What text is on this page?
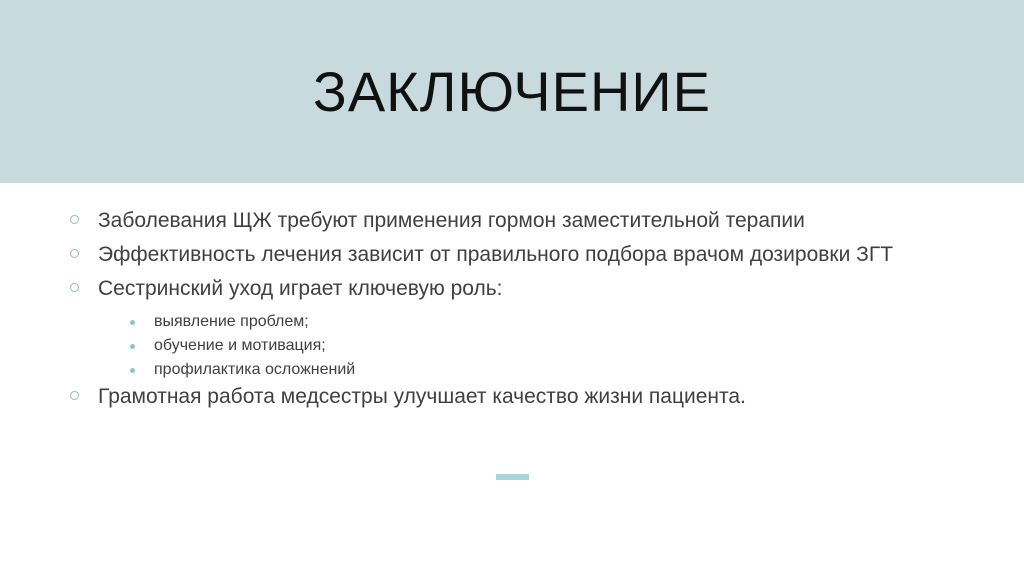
ЗАКЛЮЧЕНИЕ
Заболевания ЩЖ требуют применения гормон заместительной терапии
Эффективность лечения зависит от правильного подбора врачом дозировки ЗГТ
Сестринский уход играет ключевую роль:
выявление проблем;
обучение и мотивация;
профилактика осложнений
Грамотная работа медсестры улучшает качество жизни пациента.
